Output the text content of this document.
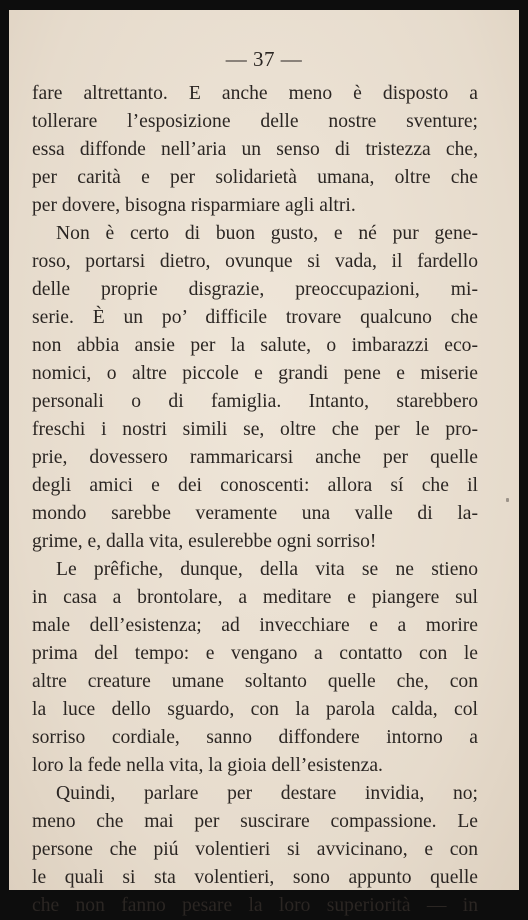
— 37 —
fare altrettanto. E anche meno è disposto a
tollerare l’esposizione delle nostre sventure;
essa diffonde nell’aria un senso di tristezza che,
per carità e per solidarietà umana, oltre che
per dovere, bisogna risparmiare agli altri.
Non è certo di buon gusto, e né pur gene-
roso, portarsi dietro, ovunque si vada, il fardello
delle proprie disgrazie, preoccupazioni, mi-
serie. È un po’ difficile trovare qualcuno che
non abbia ansie per la salute, o imbarazzi eco-
nomici, o altre piccole e grandi pene e miserie
personali o di famiglia. Intanto, starebbero
freschi i nostri simili se, oltre che per le pro-
prie, dovessero rammaricarsi anche per quelle
degli amici e dei conoscenti: allora sí che il
mondo sarebbe veramente una valle di la-
grime, e, dalla vita, esulerebbe ogni sorriso!
Le prêfiche, dunque, della vita se ne stieno
in casa a brontolare, a meditare e piangere sul
male dell’esistenza; ad invecchiare e a morire
prima del tempo: e vengano a contatto con le
altre creature umane soltanto quelle che, con
la luce dello sguardo, con la parola calda, col
sorriso cordiale, sanno diffondere intorno a
loro la fede nella vita, la gioia dell’esistenza.
Quindi, parlare per destare invidia, no;
meno che mai per suscirare compassione. Le
persone che piú volentieri si avvicinano, e con
le quali si sta volentieri, sono appunto quelle
che non fanno pesare la loro superiorità — in
